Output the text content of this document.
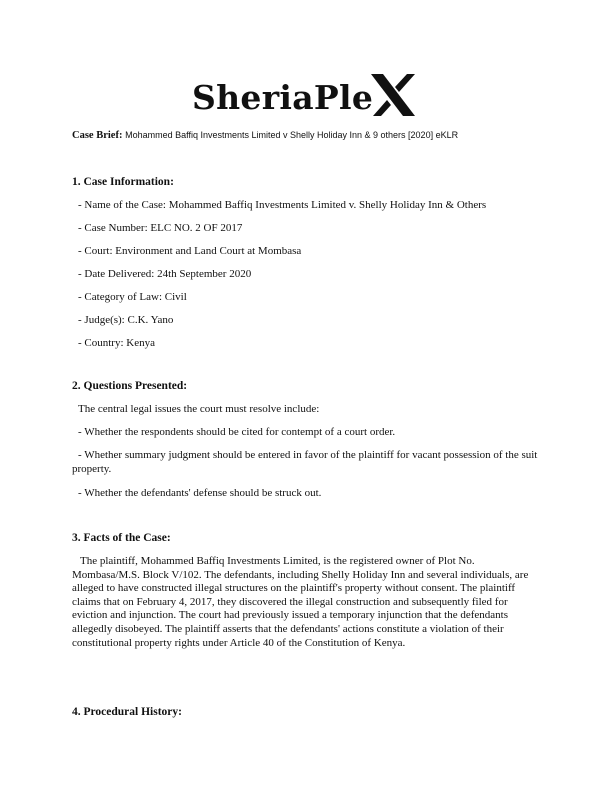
SheriaPle
Case Brief: Mohammed Baffiq Investments Limited v Shelly Holiday Inn & 9 others [2020] eKLR
1. Case Information:
- Name of the Case: Mohammed Baffiq Investments Limited v. Shelly Holiday Inn & Others
- Case Number: ELC NO. 2 OF 2017
- Court: Environment and Land Court at Mombasa
- Date Delivered: 24th September 2020
- Category of Law: Civil
- Judge(s): C.K. Yano
- Country: Kenya
2. Questions Presented:
The central legal issues the court must resolve include:
- Whether the respondents should be cited for contempt of a court order.
- Whether summary judgment should be entered in favor of the plaintiff for vacant possession of the suit property.
- Whether the defendants' defense should be struck out.
3. Facts of the Case:
The plaintiff, Mohammed Baffiq Investments Limited, is the registered owner of Plot No. Mombasa/M.S. Block V/102. The defendants, including Shelly Holiday Inn and several individuals, are alleged to have constructed illegal structures on the plaintiff's property without consent. The plaintiff claims that on February 4, 2017, they discovered the illegal construction and subsequently filed for eviction and injunction. The court had previously issued a temporary injunction that the defendants allegedly disobeyed. The plaintiff asserts that the defendants' actions constitute a violation of their constitutional property rights under Article 40 of the Constitution of Kenya.
4. Procedural History:
